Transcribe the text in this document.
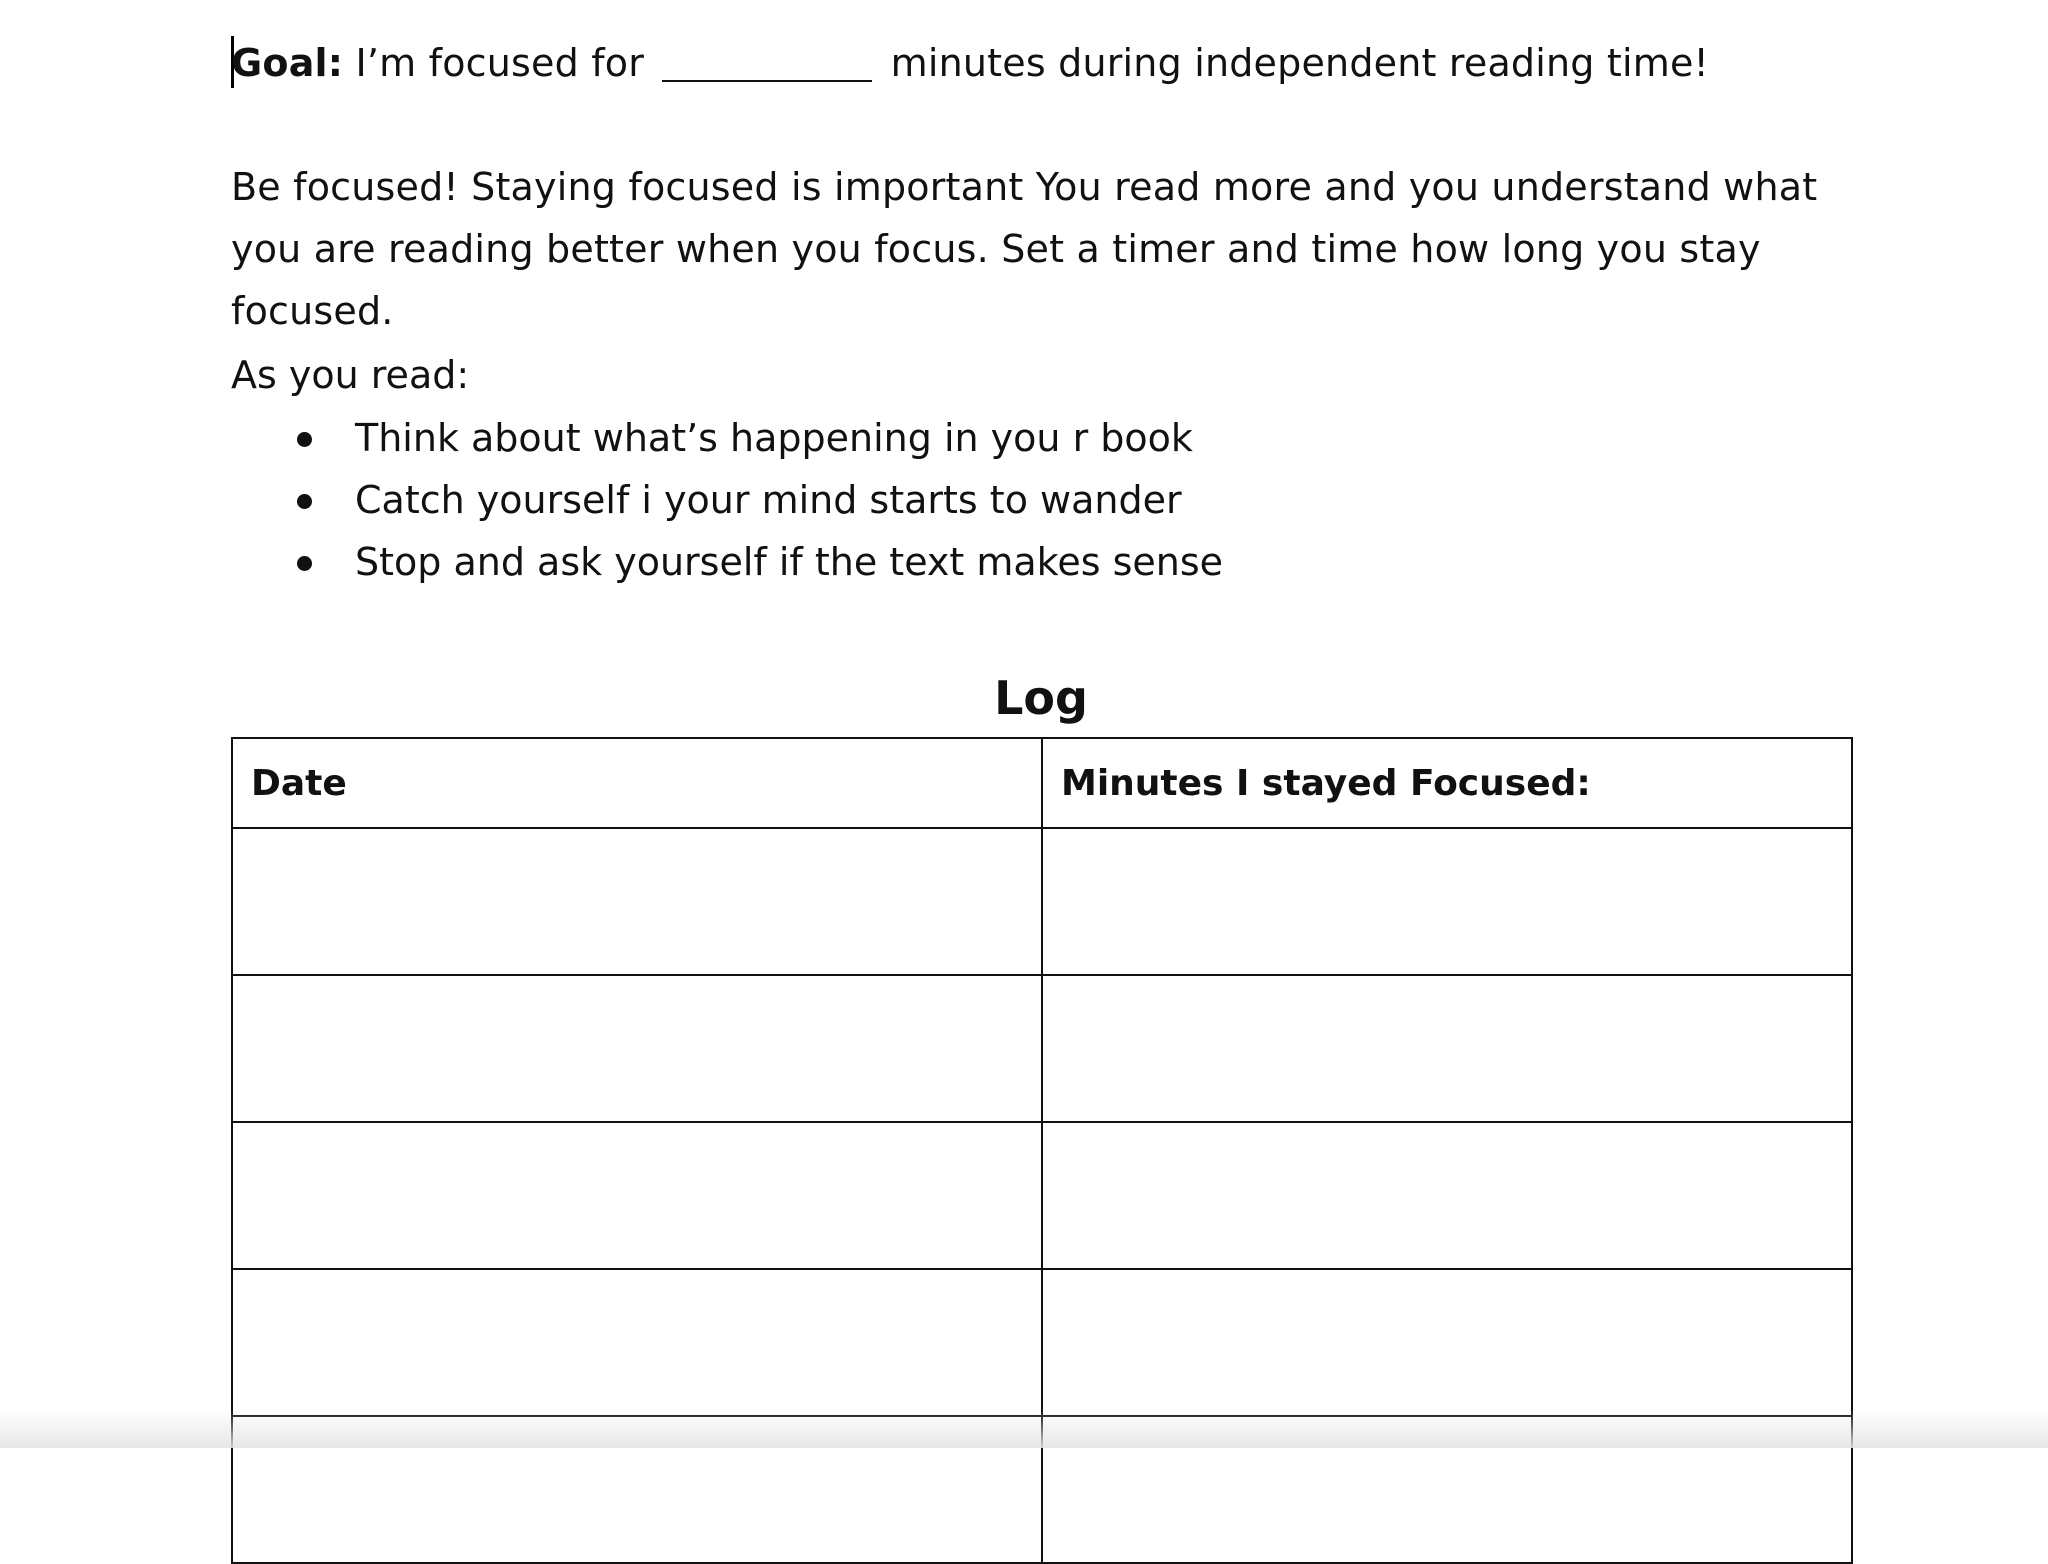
Goal: I’m focused for	minutes during independent reading time!

Be focused! Staying focused is important You read more and you understand what you are reading better when you focus. Set a timer and time how long you stay focused.

As you read:

Think about what’s happening in you r book
Catch yourself i your mind starts to wander
Stop and ask yourself if the text makes sense
Log
Date	Minutes I stayed Focused:
